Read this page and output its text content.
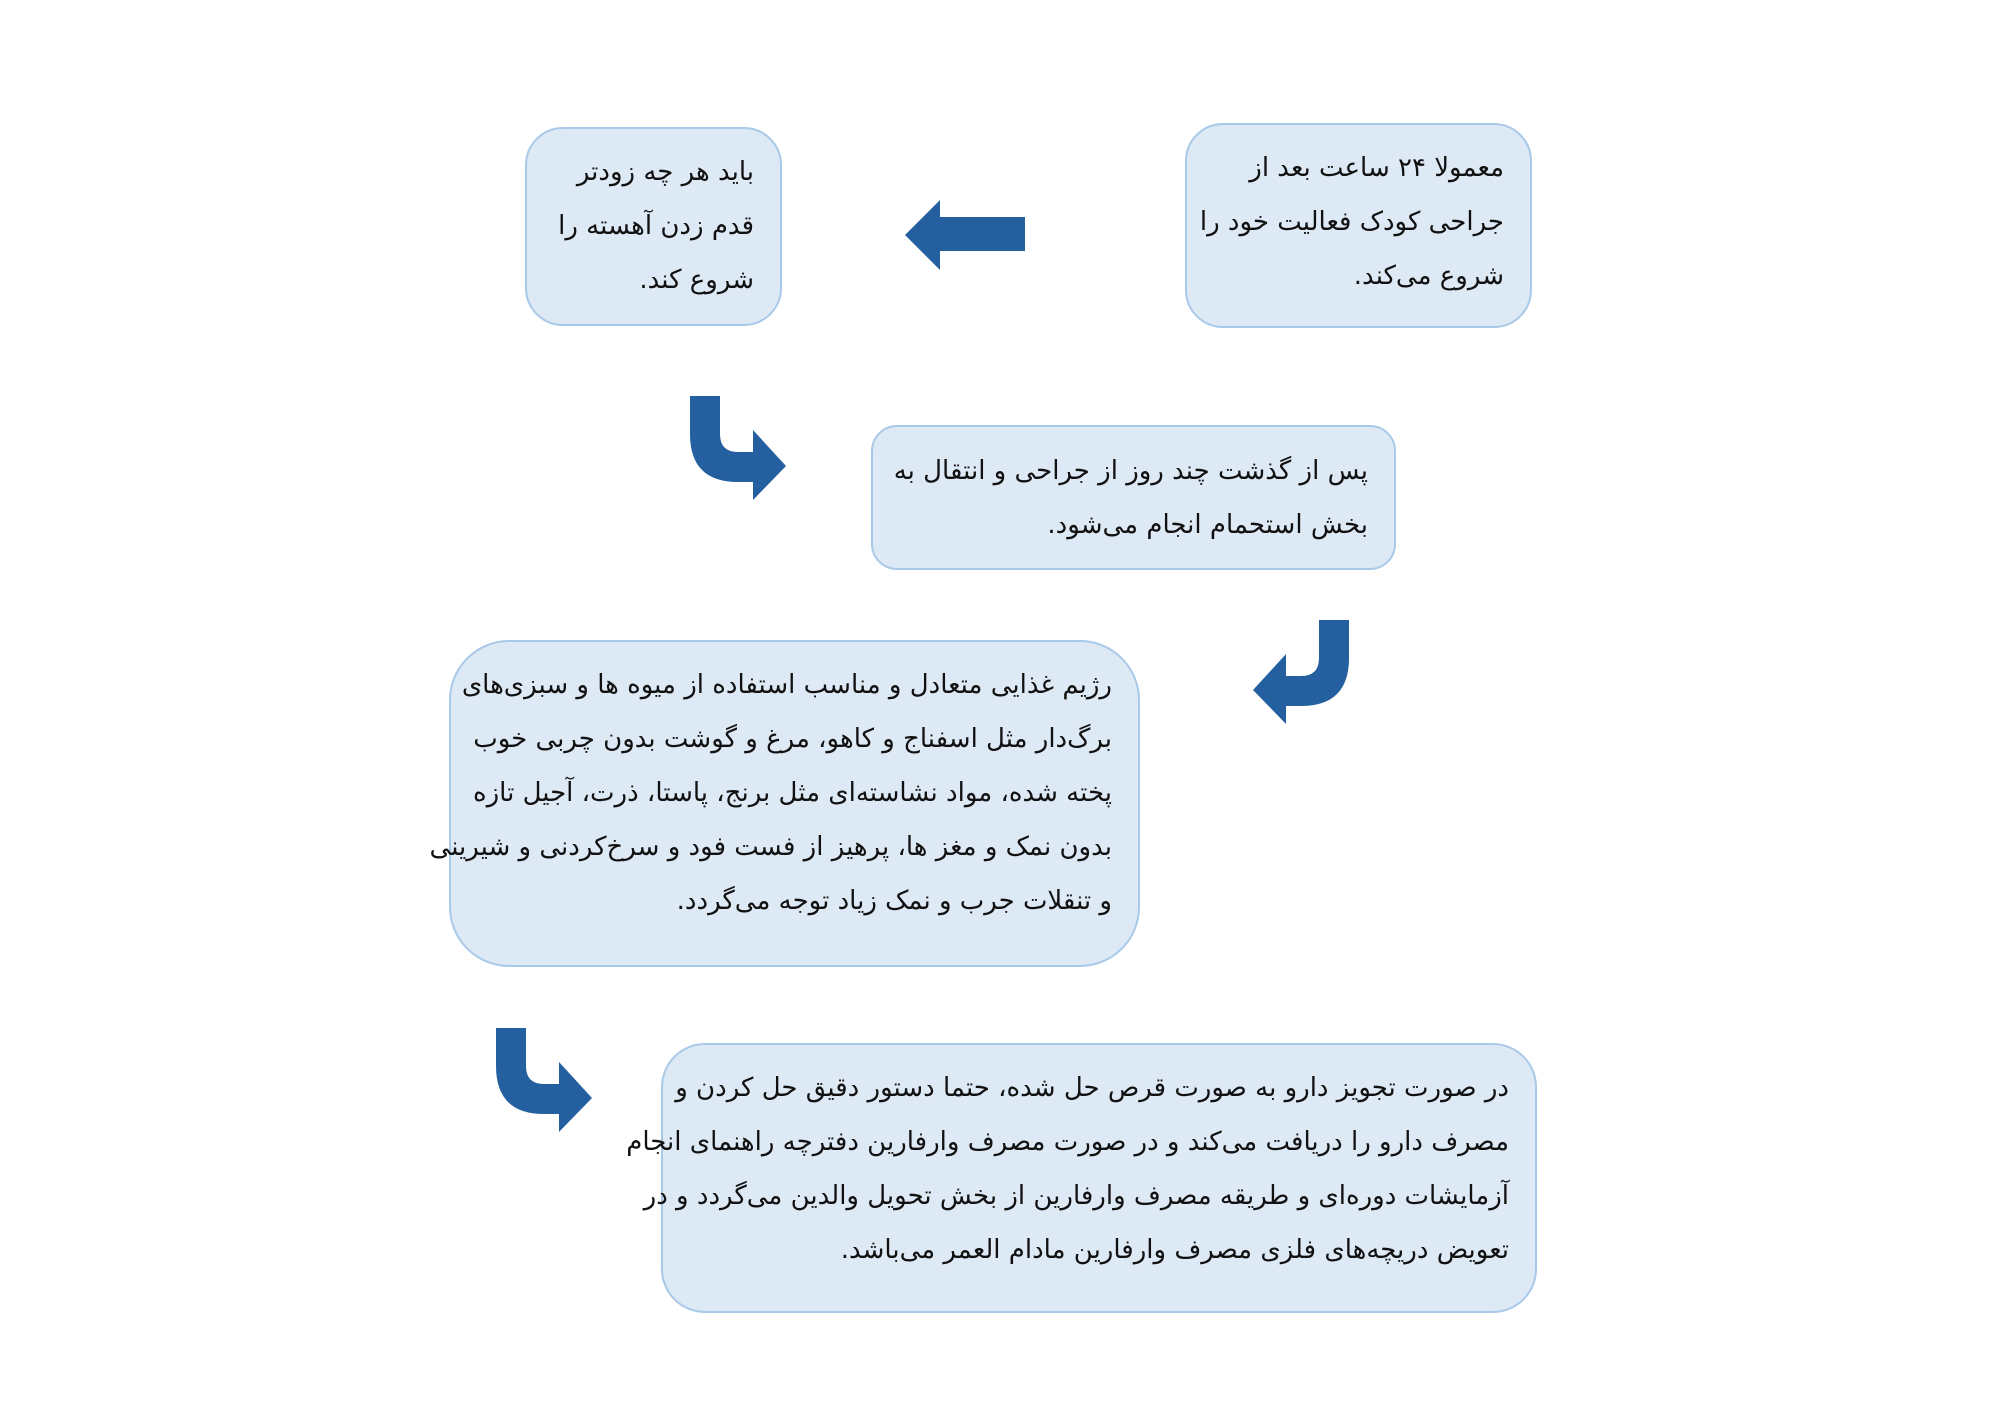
معمولا ۲۴ ساعت بعد از
جراحی کودک فعالیت خود را
شروع می‌کند.
باید هر چه زودتر
قدم زدن آهسته را
شروع کند.
پس از گذشت چند روز از جراحی و انتقال به
بخش استحمام انجام می‌شود.
رژیم غذایی متعادل و مناسب استفاده از میوه ها و سبزی‌های
برگ‌دار مثل اسفناج و کاهو، مرغ و گوشت بدون چربی خوب
پخته شده، مواد نشاسته‌ای مثل برنج، پاستا، ذرت، آجیل تازه
بدون نمک و مغز ها، پرهیز از فست فود و سرخ‌کردنی و شیرینی
و تنقلات جرب و نمک زیاد توجه می‌گردد.
در صورت تجویز دارو به صورت قرص حل شده، حتما دستور دقیق حل کردن و
مصرف دارو را دریافت می‌کند و در صورت مصرف وارفارین دفترچه راهنمای انجام
آزمایشات دوره‌ای و طریقه مصرف وارفارین از بخش تحویل والدین می‌گردد و در
تعویض دریچه‌های فلزی مصرف وارفارین مادام العمر می‌باشد.
